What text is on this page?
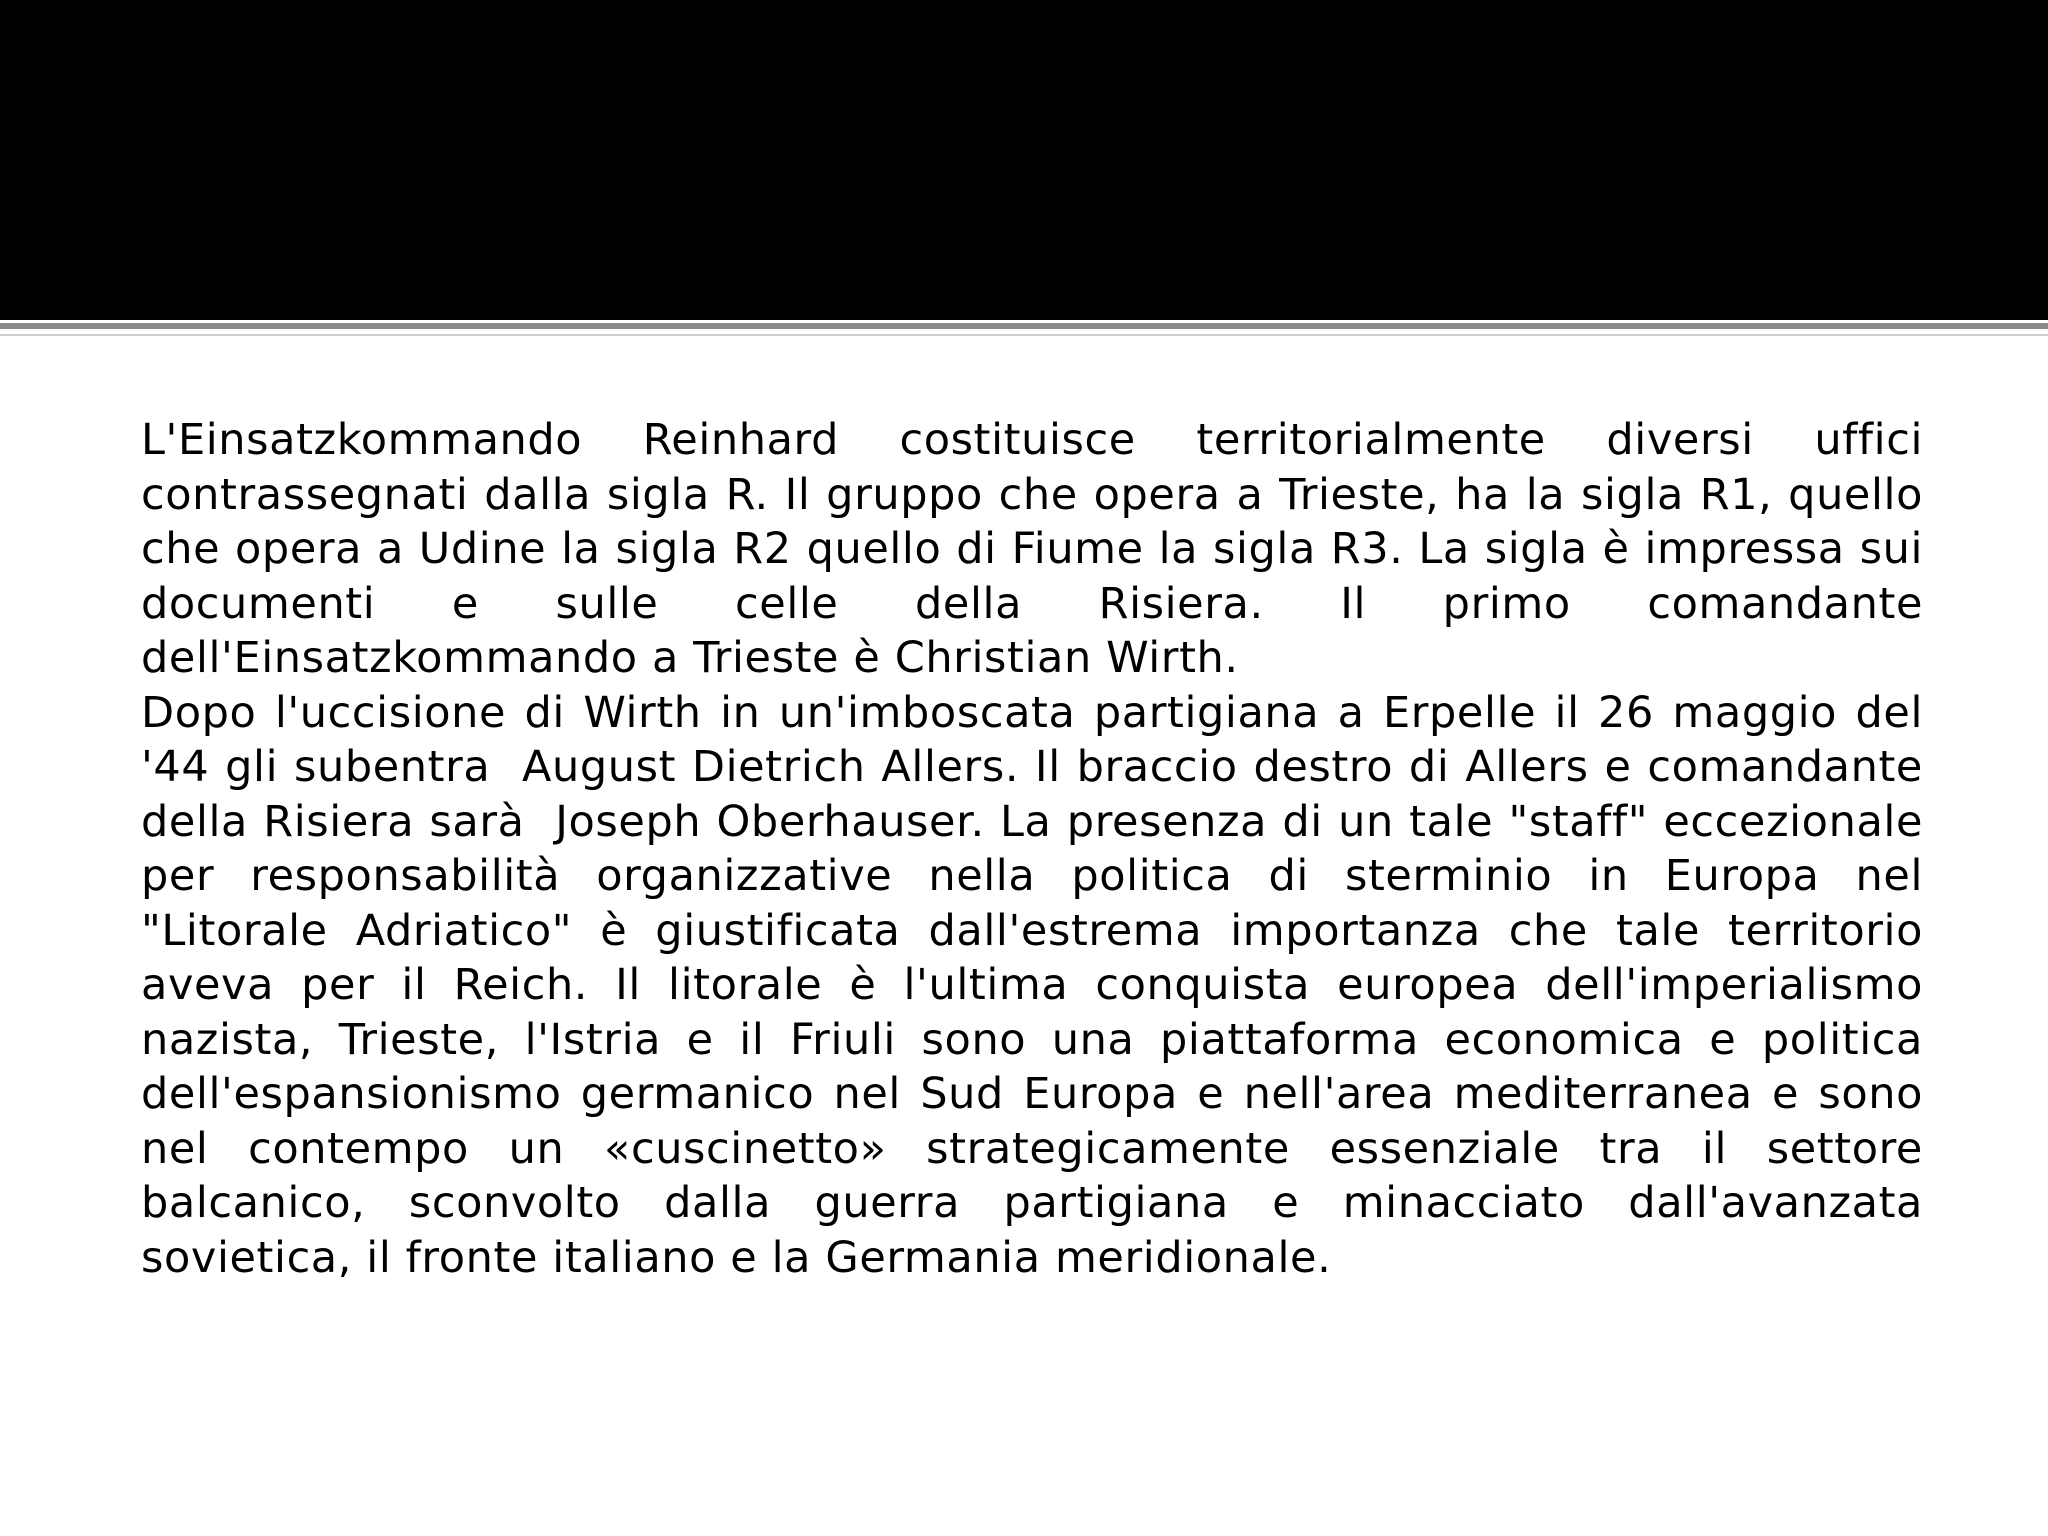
L'Einsatzkommando Reinhard costituisce territorialmente diversi uffici contrassegnati dalla sigla R. Il gruppo che opera a Trieste, ha la sigla R1, quello che opera a Udine la sigla R2 quello di Fiume la sigla R3. La sigla è impressa sui documenti e sulle celle della Risiera. Il primo comandante dell'Einsatzkommando a Trieste è Christian Wirth.
Dopo l'uccisione di Wirth in un'imboscata partigiana a Erpelle il 26 maggio del '44 gli subentra  August Dietrich Allers. Il braccio destro di Allers e comandante della Risiera sarà  Joseph Oberhauser. La presenza di un tale "staff" eccezionale per responsabilità organizzative nella politica di sterminio in Europa nel "Litorale Adriatico" è giustificata dall'estrema importanza che tale territorio aveva per il Reich. Il litorale è l'ultima conquista europea dell'imperialismo nazista, Trieste, l'Istria e il Friuli sono una piattaforma economica e politica dell'espansionismo germanico nel Sud Europa e nell'area mediterranea e sono nel contempo un «cuscinetto» strategicamente essenziale tra il settore balcanico, sconvolto dalla guerra partigiana e minacciato dall'avanzata sovietica, il fronte italiano e la Germania meridionale.
